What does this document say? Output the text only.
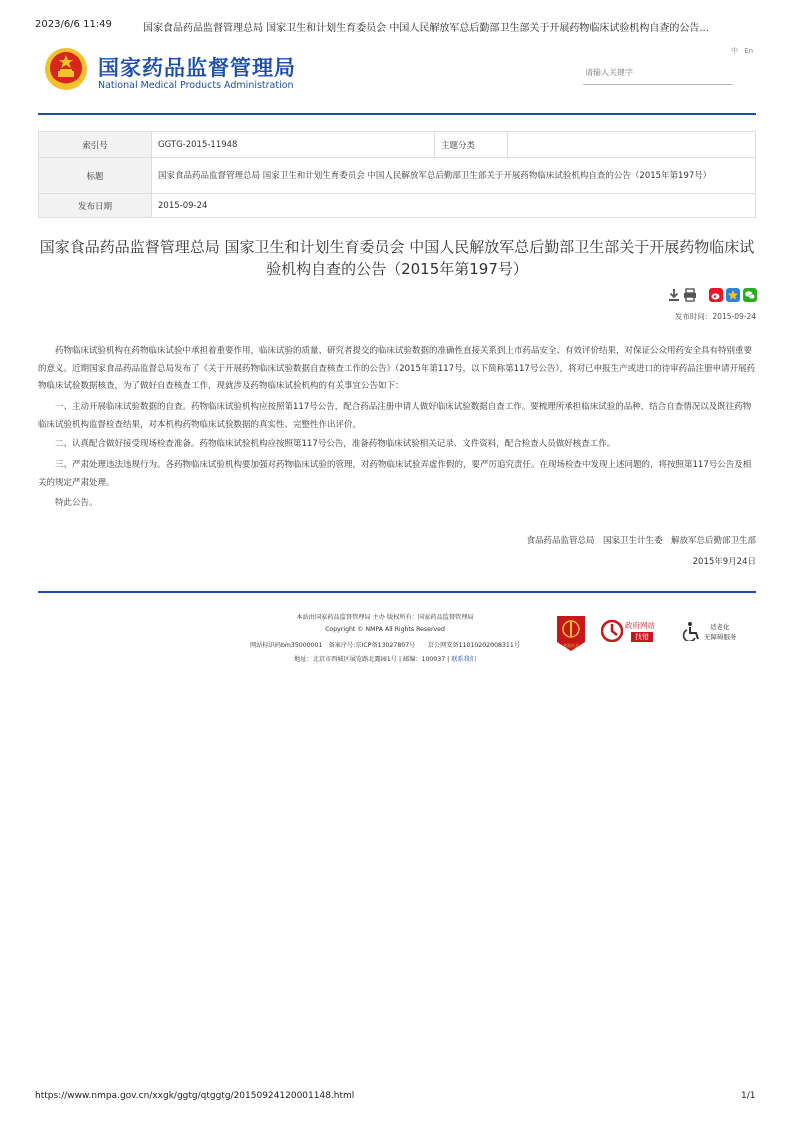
2023/6/6 11:49	国家食品药品监督管理总局 国家卫生和计划生育委员会 中国人民解放军总后勤部卫生部关于开展药物临床试验机构自查的公告...
国家药品监督管理局
National Medical Products Administration
中 En
请输入关键字
索引号	GGTG-2015-11948	主题分类	
标题	国家食品药品监督管理总局 国家卫生和计划生育委员会 中国人民解放军总后勤部卫生部关于开展药物临床试验机构自查的公告（2015年第197号）		
发布日期	2015-09-24		
国家食品药品监督管理总局 国家卫生和计划生育委员会 中国人民解放军总后勤部卫生部关于开展药物临床试验机构自查的公告（2015年第197号）
发布时间：2015-09-24

　　药物临床试验机构在药物临床试验中承担着重要作用，临床试验的质量、研究者提交的临床试验数据的准确性直接关系到上市药品安全、有效评价结果，对保证公众用药安全具有特别重要的意义。近期国家食品药品监督总局发布了《关于开展药物临床试验数据自查核查工作的公告》（2015年第117号，以下简称第117号公告），将对已申报生产或进口的待审药品注册申请开展药物临床试验数据核查，为了做好自查核查工作，现就涉及药物临床试验机构的有关事宜公告如下：

　　一、主动开展临床试验数据的自查。药物临床试验机构应按照第117号公告，配合药品注册申请人做好临床试验数据自查工作。要梳理所承担临床试验的品种，结合自查情况以及既往药物临床试验机构监督检查结果，对本机构药物临床试验数据的真实性、完整性作出评价。

　　二、认真配合做好接受现场检查准备。药物临床试验机构应按照第117号公告，准备药物临床试验相关记录、文件资料，配合检查人员做好核查工作。

　　三、严肃处理违法违规行为。各药物临床试验机构要加强对药物临床试验的管理，对药物临床试验弄虚作假的，要严厉追究责任。在现场检查中发现上述问题的，将按照第117号公告及相关的规定严肃处理。

　　特此公告。

食品药品监管总局　国家卫生计生委　解放军总后勤部卫生部
2015年9月24日
本站由国家药品监督管理局 主办 版权所有：国家药品监督管理局
Copyright © NMPA All Rights Reserved
网站标识码bm35000001　备案序号:京ICP备13027807号　　京公网安备11010202008311号
地址：北京市西城区展览路北露园1号 | 邮编：100037 | 联系我们
党政机关
政府网站
找错
适老化
无障碍服务
https://www.nmpa.gov.cn/xxgk/ggtg/qtggtg/20150924120001148.html	1/1
